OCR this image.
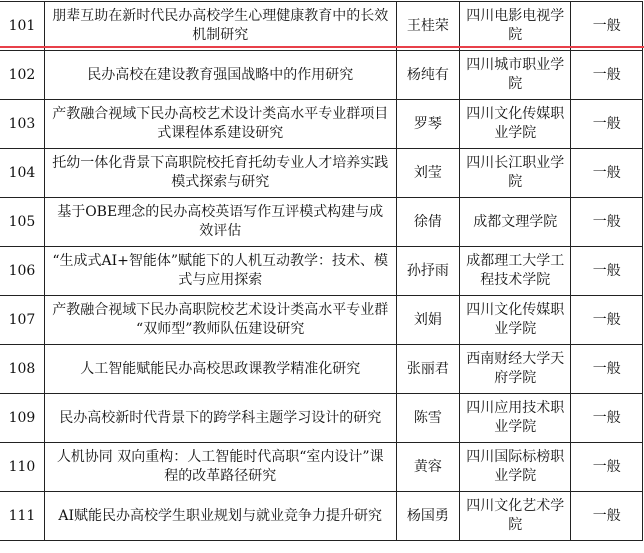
101	朋辈互助在新时代民办高校学生心理健康教育中的长效机制研究	王桂荣	四川电影电视学院	一般
102	民办高校在建设教育强国战略中的作用研究	杨纯有	四川城市职业学院	一般
103	产教融合视域下民办高校艺术设计类高水平专业群项目式课程体系建设研究	罗琴	四川文化传媒职业学院	一般
104	托幼一体化背景下高职院校托育托幼专业人才培养实践模式探索与研究	刘莹	四川长江职业学院	一般
105	基于OBE理念的民办高校英语写作互评模式构建与成效评估	徐倩	成都文理学院	一般
106	“生成式AI+智能体”赋能下的人机互动教学：技术、模式与应用探索	孙抒雨	成都理工大学工程技术学院	一般
107	产教融合视域下民办高职院校艺术设计类高水平专业群 “双师型”教师队伍建设研究	刘娟	四川文化传媒职业学院	一般
108	人工智能赋能民办高校思政课教学精准化研究	张丽君	西南财经大学天府学院	一般
109	民办高校新时代背景下的跨学科主题学习设计的研究	陈雪	四川应用技术职业学院	一般
110	人机协同 双向重构：人工智能时代高职“室内设计”课程的改革路径研究	黄容	四川国际标榜职业学院	一般
111	AI赋能民办高校学生职业规划与就业竞争力提升研究	杨国勇	四川文化艺术学院	一般
